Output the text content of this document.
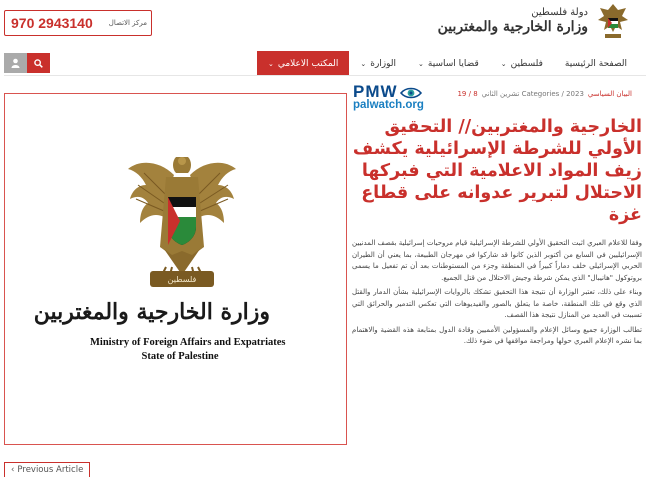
970 2943140	مركز الاتصال
دولة فلسطين
وزارة الخارجية والمغتربين
الصفحة الرئيسية
فلسطين
⌄
قضايا اساسية
⌄
الوزارة
⌄
المكتب الاعلامي
⌄
فلسطين
وزارة الخارجية والمغتربين
Ministry of Foreign Affairs and Expatriates
State of Palestine
PMW
palwatch.org
البيان السياسي
Categories / 2023 تشرين الثاني
8 / 19
الخارجية والمغتربين// التحقيق الأولي للشرطة الإسرائيلية يكشف زيف المواد الاعلامية التي فبركها الاحتلال لتبرير عدوانه على قطاع غزة

وفقا للاعلام العبري اثبت التحقيق الأولي للشرطة الإسرائيلية قيام مروحيات إسرائيلية بقصف المدنيين الإسرائيليين في السابع من أكتوبر الذين كانوا قد شاركوا في مهرجان الطبيعة، بما يعني أن الطيران الحربي الإسرائيلي خلف دماراً كبيراً في المنطقة وجزء من المستوطنات بعد أن تم تفعيل ما يسمى بروتوكول "هانيبال" الذي يمكن شرطة وجيش الاحتلال من قتل الجميع.

وبناء على ذلك، تعتبر الوزارة أن نتيجة هذا التحقيق تشكك بالروايات الإسرائيلية بشأن الدمار والقتل الذي وقع في تلك المنطقة، خاصة ما يتعلق بالصور والفيديوهات التي تعكس التدمير والحرائق التي تسببت في العديد من المنازل نتيجة هذا القصف.

تطالب الوزارة جميع وسائل الإعلام والمسؤولين الأمميين وقادة الدول بمتابعة هذه القضية والاهتمام بما نشره الإعلام العبري حولها ومراجعة مواقفها في ضوء ذلك.

‹ Previous Article
